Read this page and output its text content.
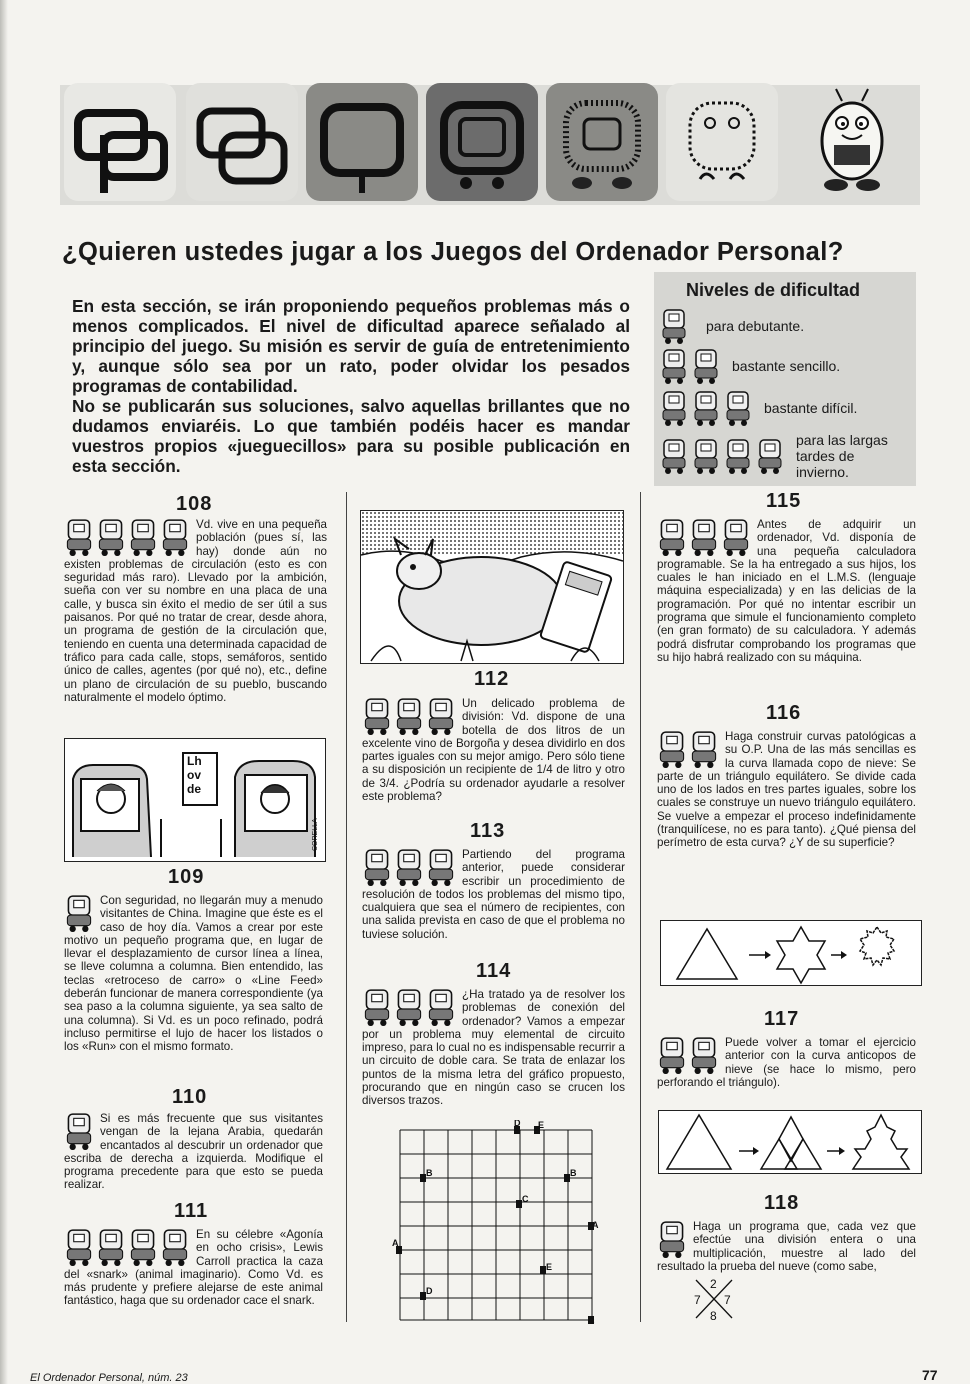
¿Quieren ustedes jugar a los Juegos del Ordenador Personal?

En esta sección, se irán proponiendo pequeños problemas más o menos complicados. El nivel de dificultad aparece señalado al principio del juego. Su misión es servir de guía de entretenimiento y, aunque sólo sea por un rato, poder olvidar los pesados programas de contabilidad.

No se publicarán sus soluciones, salvo aquellas brillantes que no dudamos enviaréis. Lo que también podéis hacer es mandar vuestros propios «jueguecillos» para su posible publicación en esta sección.

Niveles de dificultad
para debutante.
bastante sencillo.
bastante difícil.
para las largas tardes de invierno.
108

Vd. vive en una pequeña población (pues sí, las hay) donde aún no existen problemas de circulación (esto es con seguridad más raro). Llevado por la ambición, sueña con ver su nombre en una placa de una calle, y busca sin éxito el medio de ser útil a sus paisanos. Por qué no tratar de crear, desde ahora, un programa de gestión de la circulación que, teniendo en cuenta una determinada capacidad de tráfico para cada calle, stops, semáforos, sentido único de calles, agentes (por qué no), etc., define un plano de circulación de su pueblo, buscando naturalmente el modelo óptimo.

Lh
ov
de
CORELLA
109

Con seguridad, no llegarán muy a menudo visitantes de China. Imagine que éste es el caso de hoy día. Vamos a crear por este motivo un pequeño programa que, en lugar de llevar el desplazamiento de cursor línea a línea, se lleve columna a columna. Bien entendido, las teclas «retroceso de carro» o «Line Feed» deberán funcionar de manera correspondiente (ya sea paso a la columna siguiente, ya sea salto de una columna). Si Vd. es un poco refinado, podrá incluso permitirse el lujo de hacer los listados o los «Run» con el mismo formato.

110

Si es más frecuente que sus visitantes vengan de la lejana Arabia, quedarán encantados al descubrir un ordenador que escriba de derecha a izquierda. Modifique el programa precedente para que esto se pueda realizar.

111

En su célebre «Agonía en ocho crisis», Lewis Carroll practica la caza del «snark» (animal imaginario). Como Vd. es más prudente y prefiere alejarse de este animal fantástico, haga que su ordenador cace el snark.

112

Un delicado problema de división: Vd. dispone de una botella de dos litros de un excelente vino de Borgoña y desea dividirlo en dos partes iguales con su mejor amigo. Pero sólo tiene a su disposición un recipiente de 1/4 de litro y otro de 3/4. ¿Podría su ordenador ayudarle a resolver este problema?

113

Partiendo del programa anterior, puede considerar escribir un procedimiento de resolución de todos los problemas del mismo tipo, cualquiera que sea el número de recipientes, con una salida prevista en caso de que el problema no tuviese solución.

114

¿Ha tratado ya de resolver los problemas de conexión del ordenador? Vamos a empezar por un problema muy elemental de circuito impreso, para lo cual no es indispensable recurrir a un circuito de doble cara. Se trata de enlazar los puntos de la misma letra del gráfico propuesto, procurando que en ningún caso se crucen los diversos trazos.

D E
B	B
C
A
A
E
D
C
115

Antes de adquirir un ordenador, Vd. disponía de una pequeña calculadora programable. Se la ha entregado a sus hijos, los cuales le han iniciado en el L.M.S. (lenguaje máquina especializada) y en las delicias de la programación. Por qué no intentar escribir un programa que simule el funcionamiento completo (en gran formato) de su calculadora. Y además podrá disfrutar comprobando los programas que su hijo habrá realizado con su máquina.

116

Haga construir curvas patológicas a su O.P. Una de las más sencillas es la curva llamada copo de nieve: Se parte de un triángulo equilátero. Se divide cada uno de los lados en tres partes iguales, sobre los cuales se construye un nuevo triángulo equilátero. Se vuelve a empezar el proceso indefinidamente (tranquilícese, no es para tanto). ¿Qué piensa del perímetro de esta curva? ¿Y de su superficie?

117

Puede volver a tomar el ejercicio anterior con la curva anticopos de nieve (se hace lo mismo, pero perforando el triángulo).

118

Haga un programa que, cada vez que efectúe una división entera o una multiplicación, muestre al lado del resultado la prueba del nueve (como sabe,

2
7 7
8
El Ordenador Personal, núm. 23	77
